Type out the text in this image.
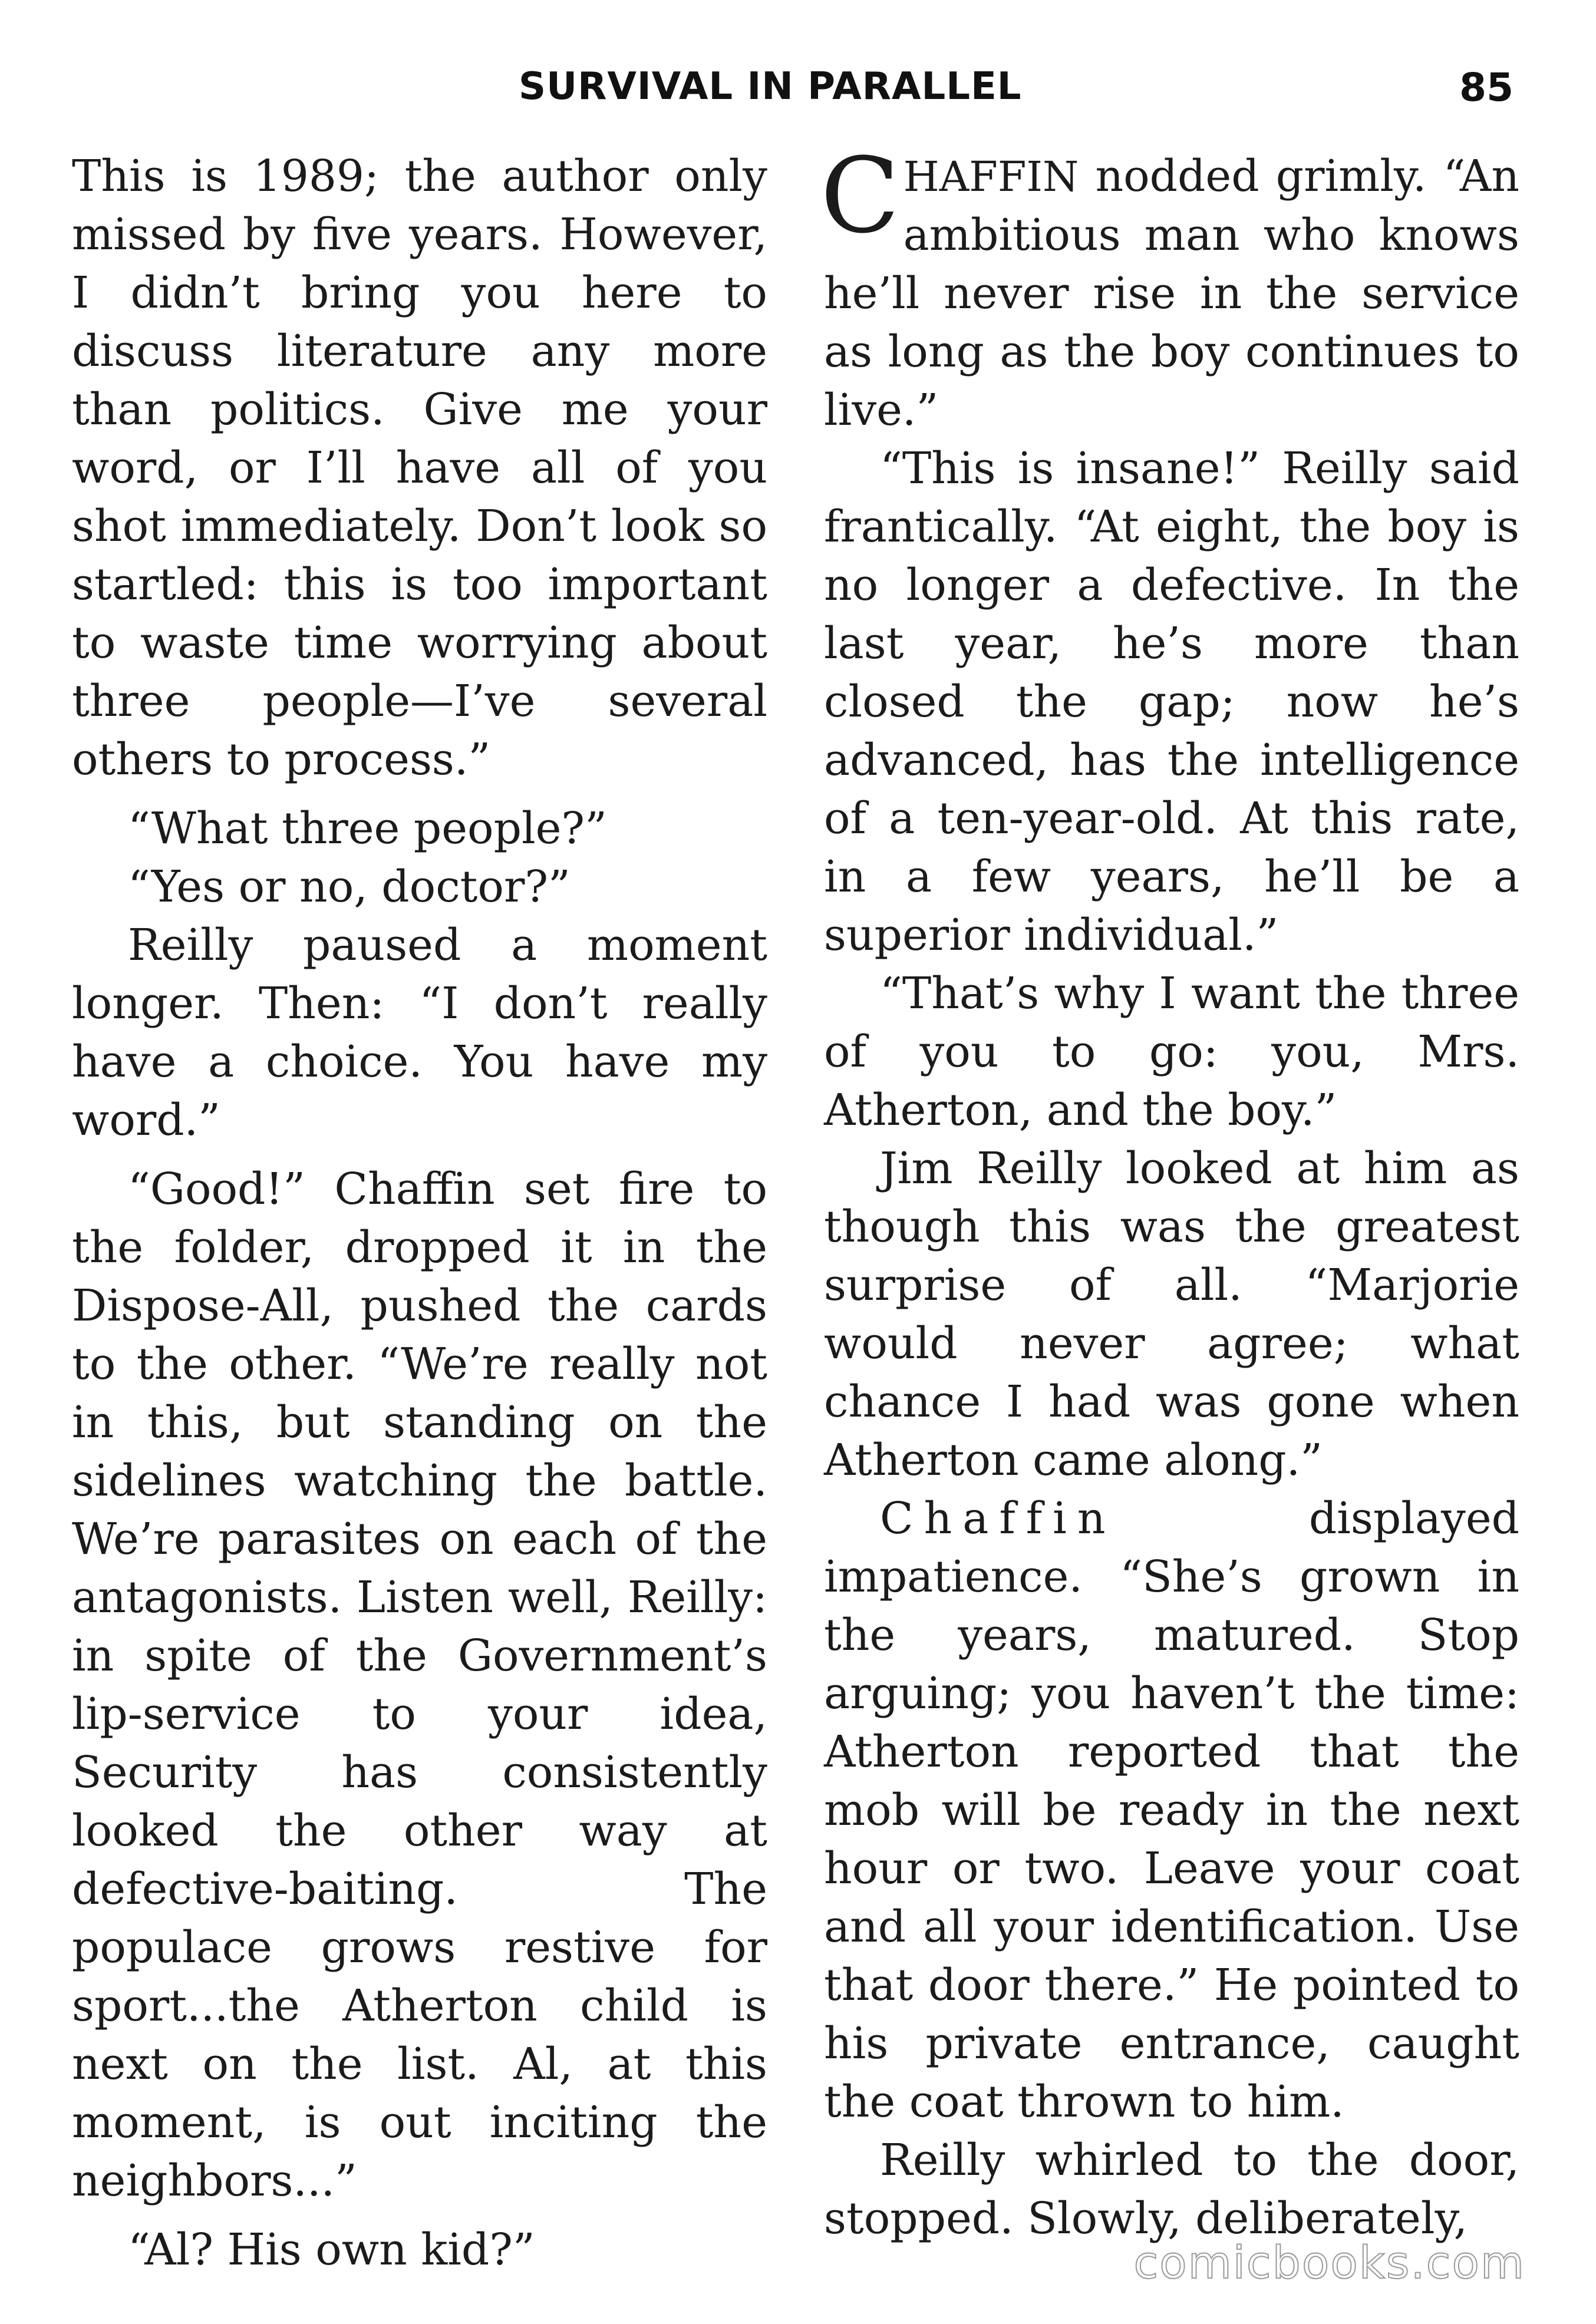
SURVIVAL IN PARALLEL	85

This is 1989; the author only missed by five years. However, I didn’t bring you here to discuss literature any more than politics. Give me your word, or I’ll have all of you shot immediately. Don’t look so startled: this is too important to waste time worrying about three people—I’ve several others to process.”

“What three people?”

“Yes or no, doctor?”

Reilly paused a moment longer. Then: “I don’t really have a choice. You have my word.”

“Good!” Chaffin set fire to the folder, dropped it in the Dispose-All, pushed the cards to the other. “We’re really not in this, but standing on the sidelines watching the battle. We’re parasites on each of the antagonists. Listen well, Reilly: in spite of the Government’s lip-service to your idea, Security has consistently looked the other way at defective-baiting. The populace grows restive for sport...the Atherton child is next on the list. Al, at this moment, is out inciting the neighbors...”

“Al? His own kid?”

CHAFFIN nodded grimly. “An ambitious man who knows he’ll never rise in the service as long as the boy continues to live.”

“This is insane!” Reilly said frantically. “At eight, the boy is no longer a defective. In the last year, he’s more than closed the gap; now he’s advanced, has the intelligence of a ten-year-old. At this rate, in a few years, he’ll be a superior individual.”

“That’s why I want the three of you to go: you, Mrs. Atherton, and the boy.”

Jim Reilly looked at him as though this was the greatest surprise of all. “Marjorie would never agree; what chance I had was gone when Atherton came along.”

Chaffin displayed impatience. “She’s grown in the years, matured. Stop arguing; you haven’t the time: Atherton reported that the mob will be ready in the next hour or two. Leave your coat and all your identification. Use that door there.” He pointed to his private entrance, caught the coat thrown to him.

Reilly whirled to the door, stopped. Slowly, deliberately,

comicbooks.com
